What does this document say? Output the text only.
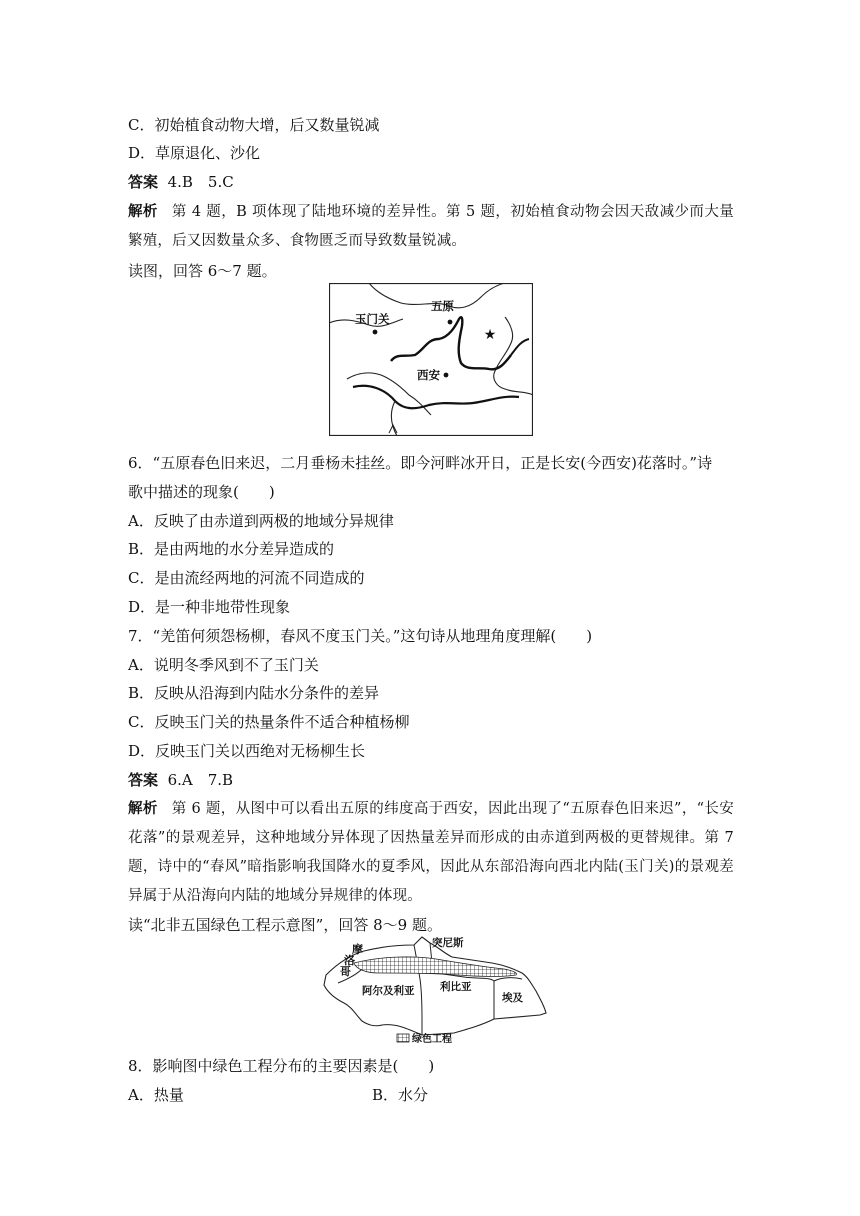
C．初始植食动物大增，后又数量锐减
D．草原退化、沙化
答案 4.B　5.C
解析 第 4 题，B 项体现了陆地环境的差异性。第 5 题，初始植食动物会因天敌减少而大量繁殖，后又因数量众多、食物匮乏而导致数量锐减。
读图，回答 6～7 题。
★
五原
玉门关
西安
6．“五原春色旧来迟，二月垂杨未挂丝。即今河畔冰开日，正是长安(今西安)花落时。”诗
歌中描述的现象(　　)
A．反映了由赤道到两极的地域分异规律
B．是由两地的水分差异造成的
C．是由流经两地的河流不同造成的
D．是一种非地带性现象
7．“羌笛何须怨杨柳，春风不度玉门关。”这句诗从地理角度理解(　　)
A．说明冬季风到不了玉门关
B．反映从沿海到内陆水分条件的差异
C．反映玉门关的热量条件不适合种植杨柳
D．反映玉门关以西绝对无杨柳生长
答案 6.A　7.B
解析 第 6 题，从图中可以看出五原的纬度高于西安，因此出现了“五原春色旧来迟”，“长安花落”的景观差异，这种地域分异体现了因热量差异而形成的由赤道到两极的更替规律。第 7 题，诗中的“春风”暗指影响我国降水的夏季风，因此从东部沿海向西北内陆(玉门关)的景观差异属于从沿海向内陆的地域分异规律的体现。
读“北非五国绿色工程示意图”，回答 8～9 题。
摩
洛
哥
突尼斯
阿尔及利亚 利比亚
埃及
绿色工程
8．影响图中绿色工程分布的主要因素是(　　)
A．热量	B．水分
